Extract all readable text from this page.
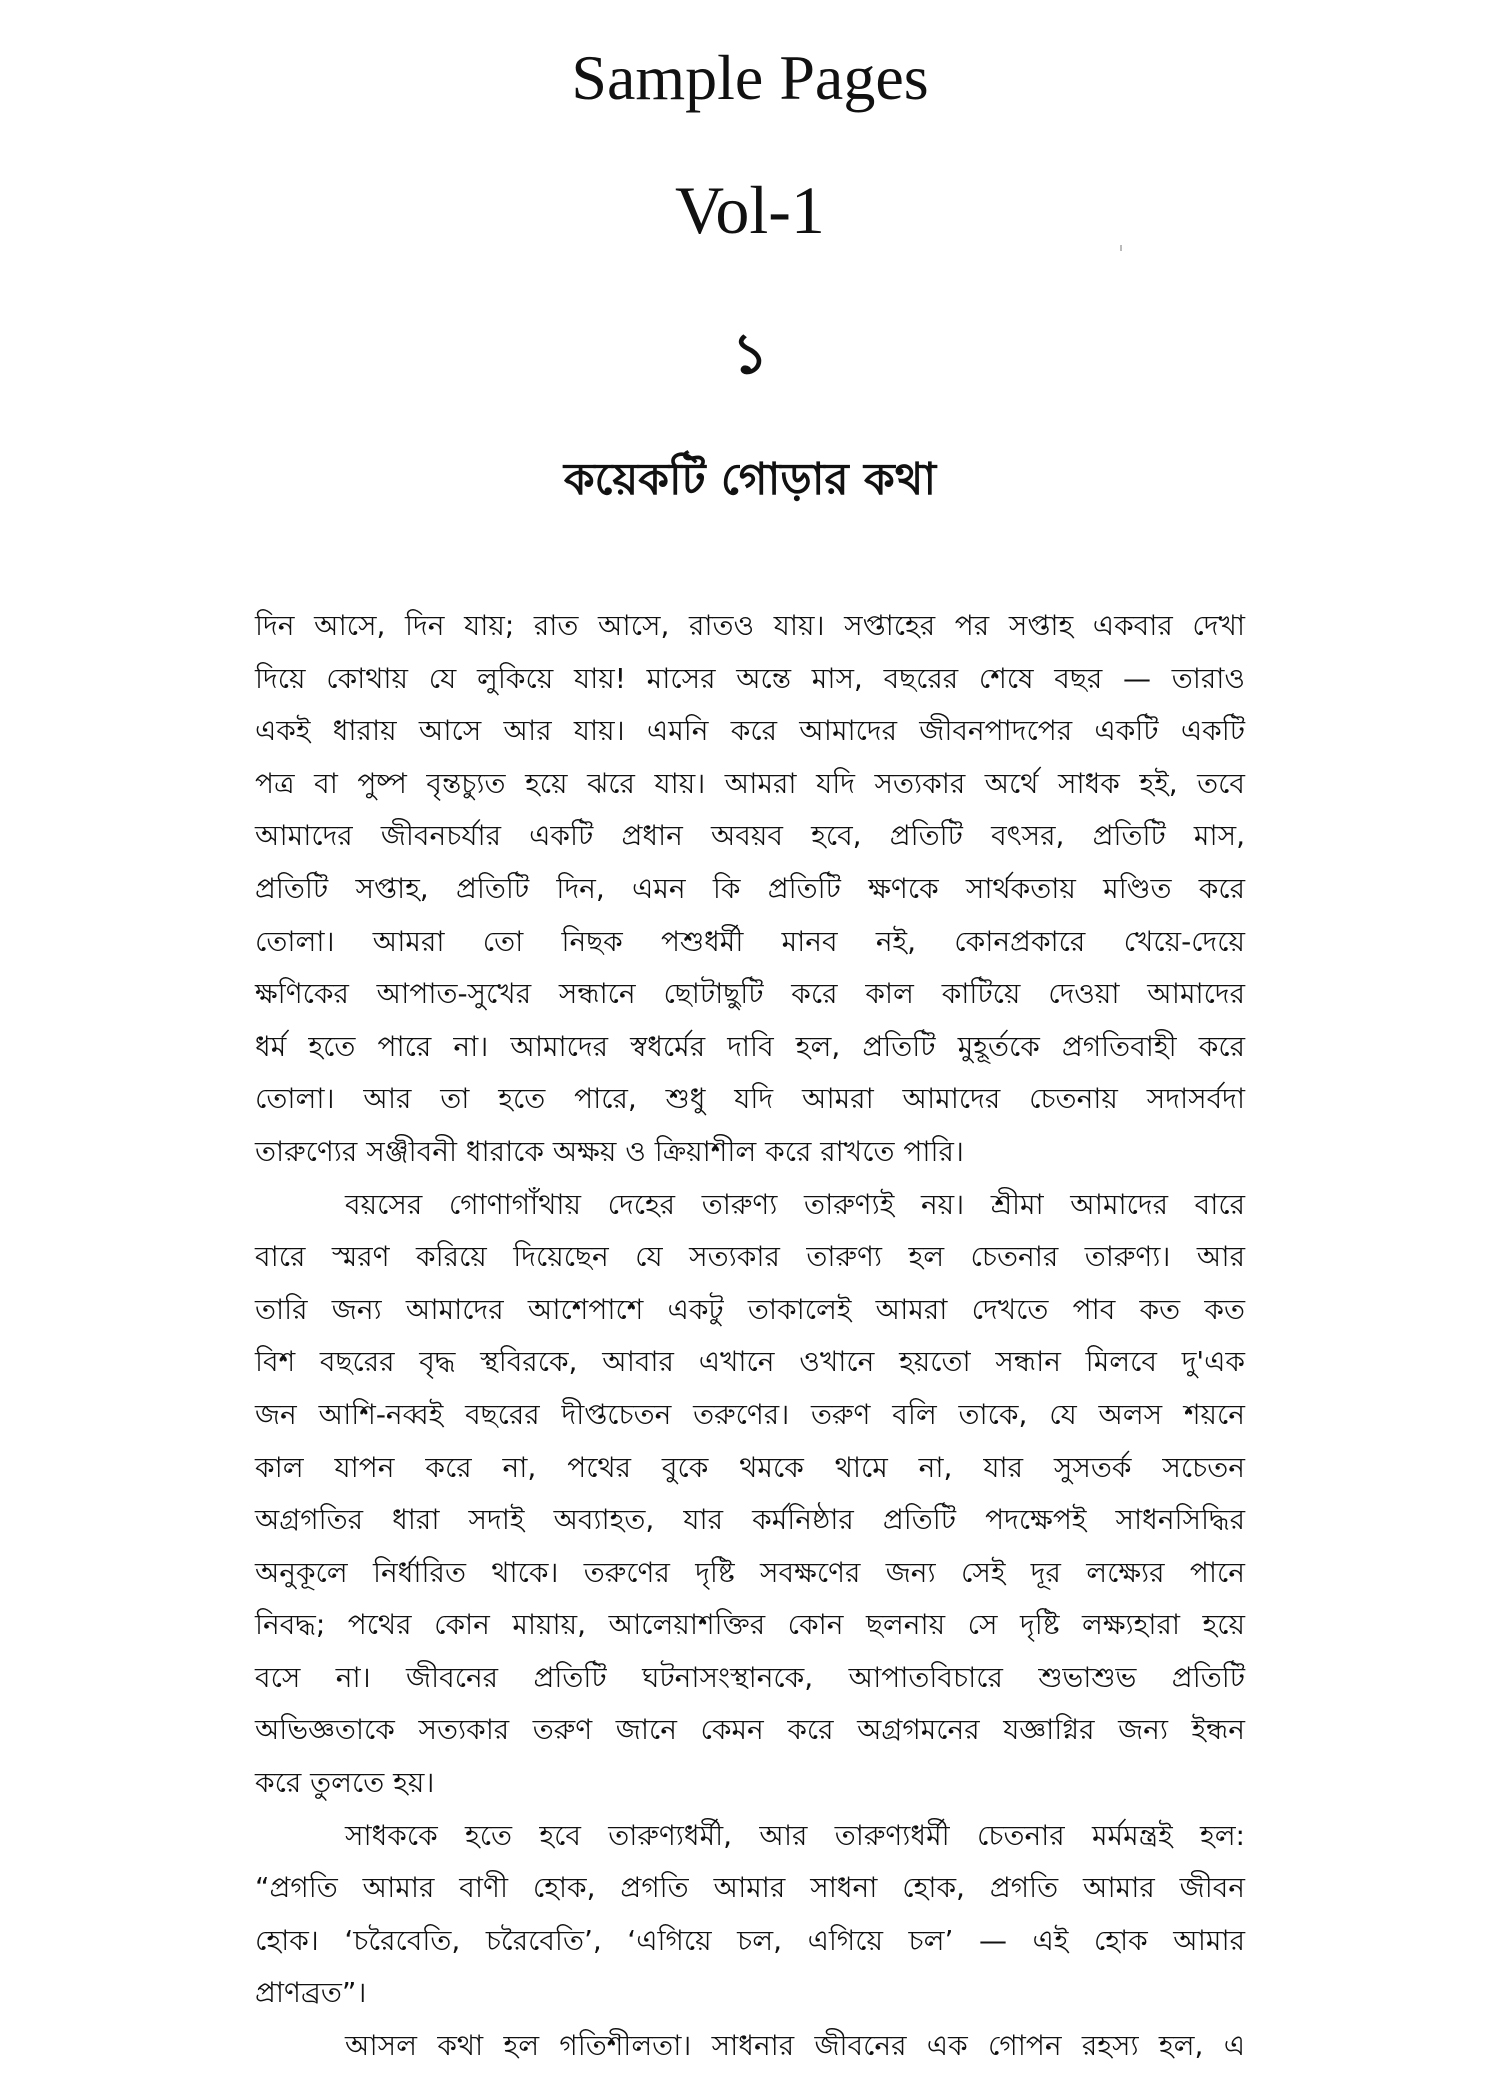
Sample Pages
Vol-1
১
কয়েকটি গোড়ার কথা
দিন আসে, দিন যায়; রাত আসে, রাতও যায়। সপ্তাহের পর সপ্তাহ একবার দেখা
দিয়ে কোথায় যে লুকিয়ে যায়! মাসের অন্তে মাস, বছরের শেষে বছর — তারাও
একই ধারায় আসে আর যায়। এমনি করে আমাদের জীবনপাদপের একটি একটি
পত্র বা পুষ্প বৃন্তচ্যুত হয়ে ঝরে যায়। আমরা যদি সত্যকার অর্থে সাধক হই, তবে
আমাদের জীবনচর্যার একটি প্রধান অবয়ব হবে, প্রতিটি বৎসর, প্রতিটি মাস,
প্রতিটি সপ্তাহ, প্রতিটি দিন, এমন কি প্রতিটি ক্ষণকে সার্থকতায় মণ্ডিত করে
তোলা। আমরা তো নিছক পশুধর্মী মানব নই, কোনপ্রকারে খেয়ে-দেয়ে
ক্ষণিকের আপাত-সুখের সন্ধানে ছোটাছুটি করে কাল কাটিয়ে দেওয়া আমাদের
ধর্ম হতে পারে না। আমাদের স্বধর্মের দাবি হল, প্রতিটি মুহূর্তকে প্রগতিবাহী করে
তোলা। আর তা হতে পারে, শুধু যদি আমরা আমাদের চেতনায় সদাসর্বদা
তারুণ্যের সঞ্জীবনী ধারাকে অক্ষয় ও ক্রিয়াশীল করে রাখতে পারি।
বয়সের গোণাগাঁথায় দেহের তারুণ্য তারুণ্যই নয়। শ্রীমা আমাদের বারে
বারে স্মরণ করিয়ে দিয়েছেন যে সত্যকার তারুণ্য হল চেতনার তারুণ্য। আর
তারি জন্য আমাদের আশেপাশে একটু তাকালেই আমরা দেখতে পাব কত কত
বিশ বছরের বৃদ্ধ স্থবিরকে, আবার এখানে ওখানে হয়তো সন্ধান মিলবে দু'এক
জন আশি-নব্বই বছরের দীপ্তচেতন তরুণের। তরুণ বলি তাকে, যে অলস শয়নে
কাল যাপন করে না, পথের বুকে থমকে থামে না, যার সুসতর্ক সচেতন
অগ্রগতির ধারা সদাই অব্যাহত, যার কর্মনিষ্ঠার প্রতিটি পদক্ষেপই সাধনসিদ্ধির
অনুকূলে নির্ধারিত থাকে। তরুণের দৃষ্টি সবক্ষণের জন্য সেই দূর লক্ষ্যের পানে
নিবদ্ধ; পথের কোন মায়ায়, আলেয়াশক্তির কোন ছলনায় সে দৃষ্টি লক্ষ্যহারা হয়ে
বসে না। জীবনের প্রতিটি ঘটনাসংস্থানকে, আপাতবিচারে শুভাশুভ প্রতিটি
অভিজ্ঞতাকে সত্যকার তরুণ জানে কেমন করে অগ্রগমনের যজ্ঞাগ্নির জন্য ইন্ধন
করে তুলতে হয়।
সাধককে হতে হবে তারুণ্যধর্মী, আর তারুণ্যধর্মী চেতনার মর্মমন্ত্রই হল:
“প্রগতি আমার বাণী হোক, প্রগতি আমার সাধনা হোক, প্রগতি আমার জীবন
হোক। ‘চরৈবেতি, চরৈবেতি’, ‘এগিয়ে চল, এগিয়ে চল’ — এই হোক আমার
প্রাণব্রত”।
আসল কথা হল গতিশীলতা। সাধনার জীবনের এক গোপন রহস্য হল, এ
